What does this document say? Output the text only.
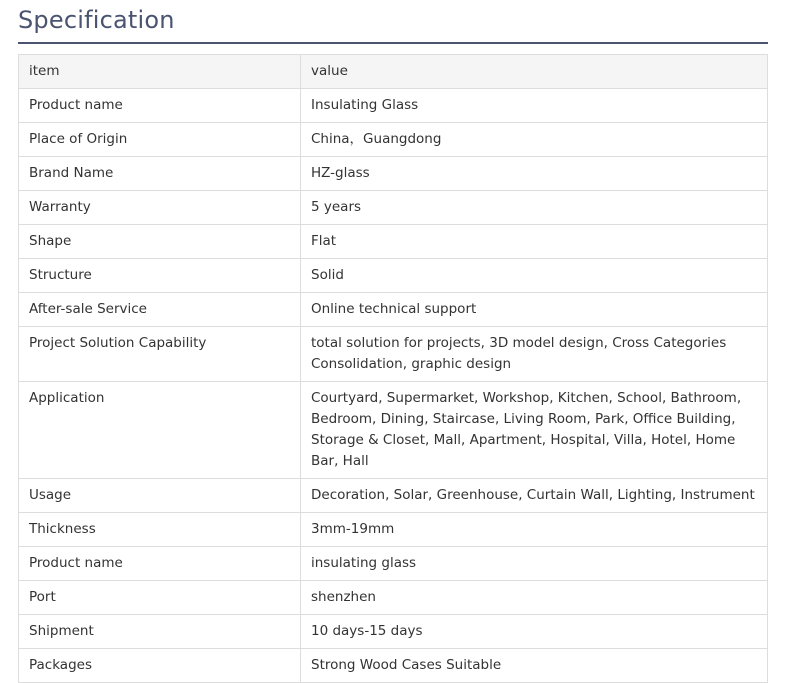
Specification
item	value
Product name	Insulating Glass
Place of Origin	China，Guangdong
Brand Name	HZ-glass
Warranty	5 years
Shape	Flat
Structure	Solid
After-sale Service	Online technical support
Project Solution Capability	total solution for projects, 3D model design, Cross Categories Consolidation, graphic design
Application	Courtyard, Supermarket, Workshop, Kitchen, School, Bathroom, Bedroom, Dining, Staircase, Living Room, Park, Office Building, Storage & Closet, Mall, Apartment, Hospital, Villa, Hotel, Home Bar, Hall
Usage	Decoration, Solar, Greenhouse, Curtain Wall, Lighting, Instrument
Thickness	3mm-19mm
Product name	insulating glass
Port	shenzhen
Shipment	10 days-15 days
Packages	Strong Wood Cases Suitable
